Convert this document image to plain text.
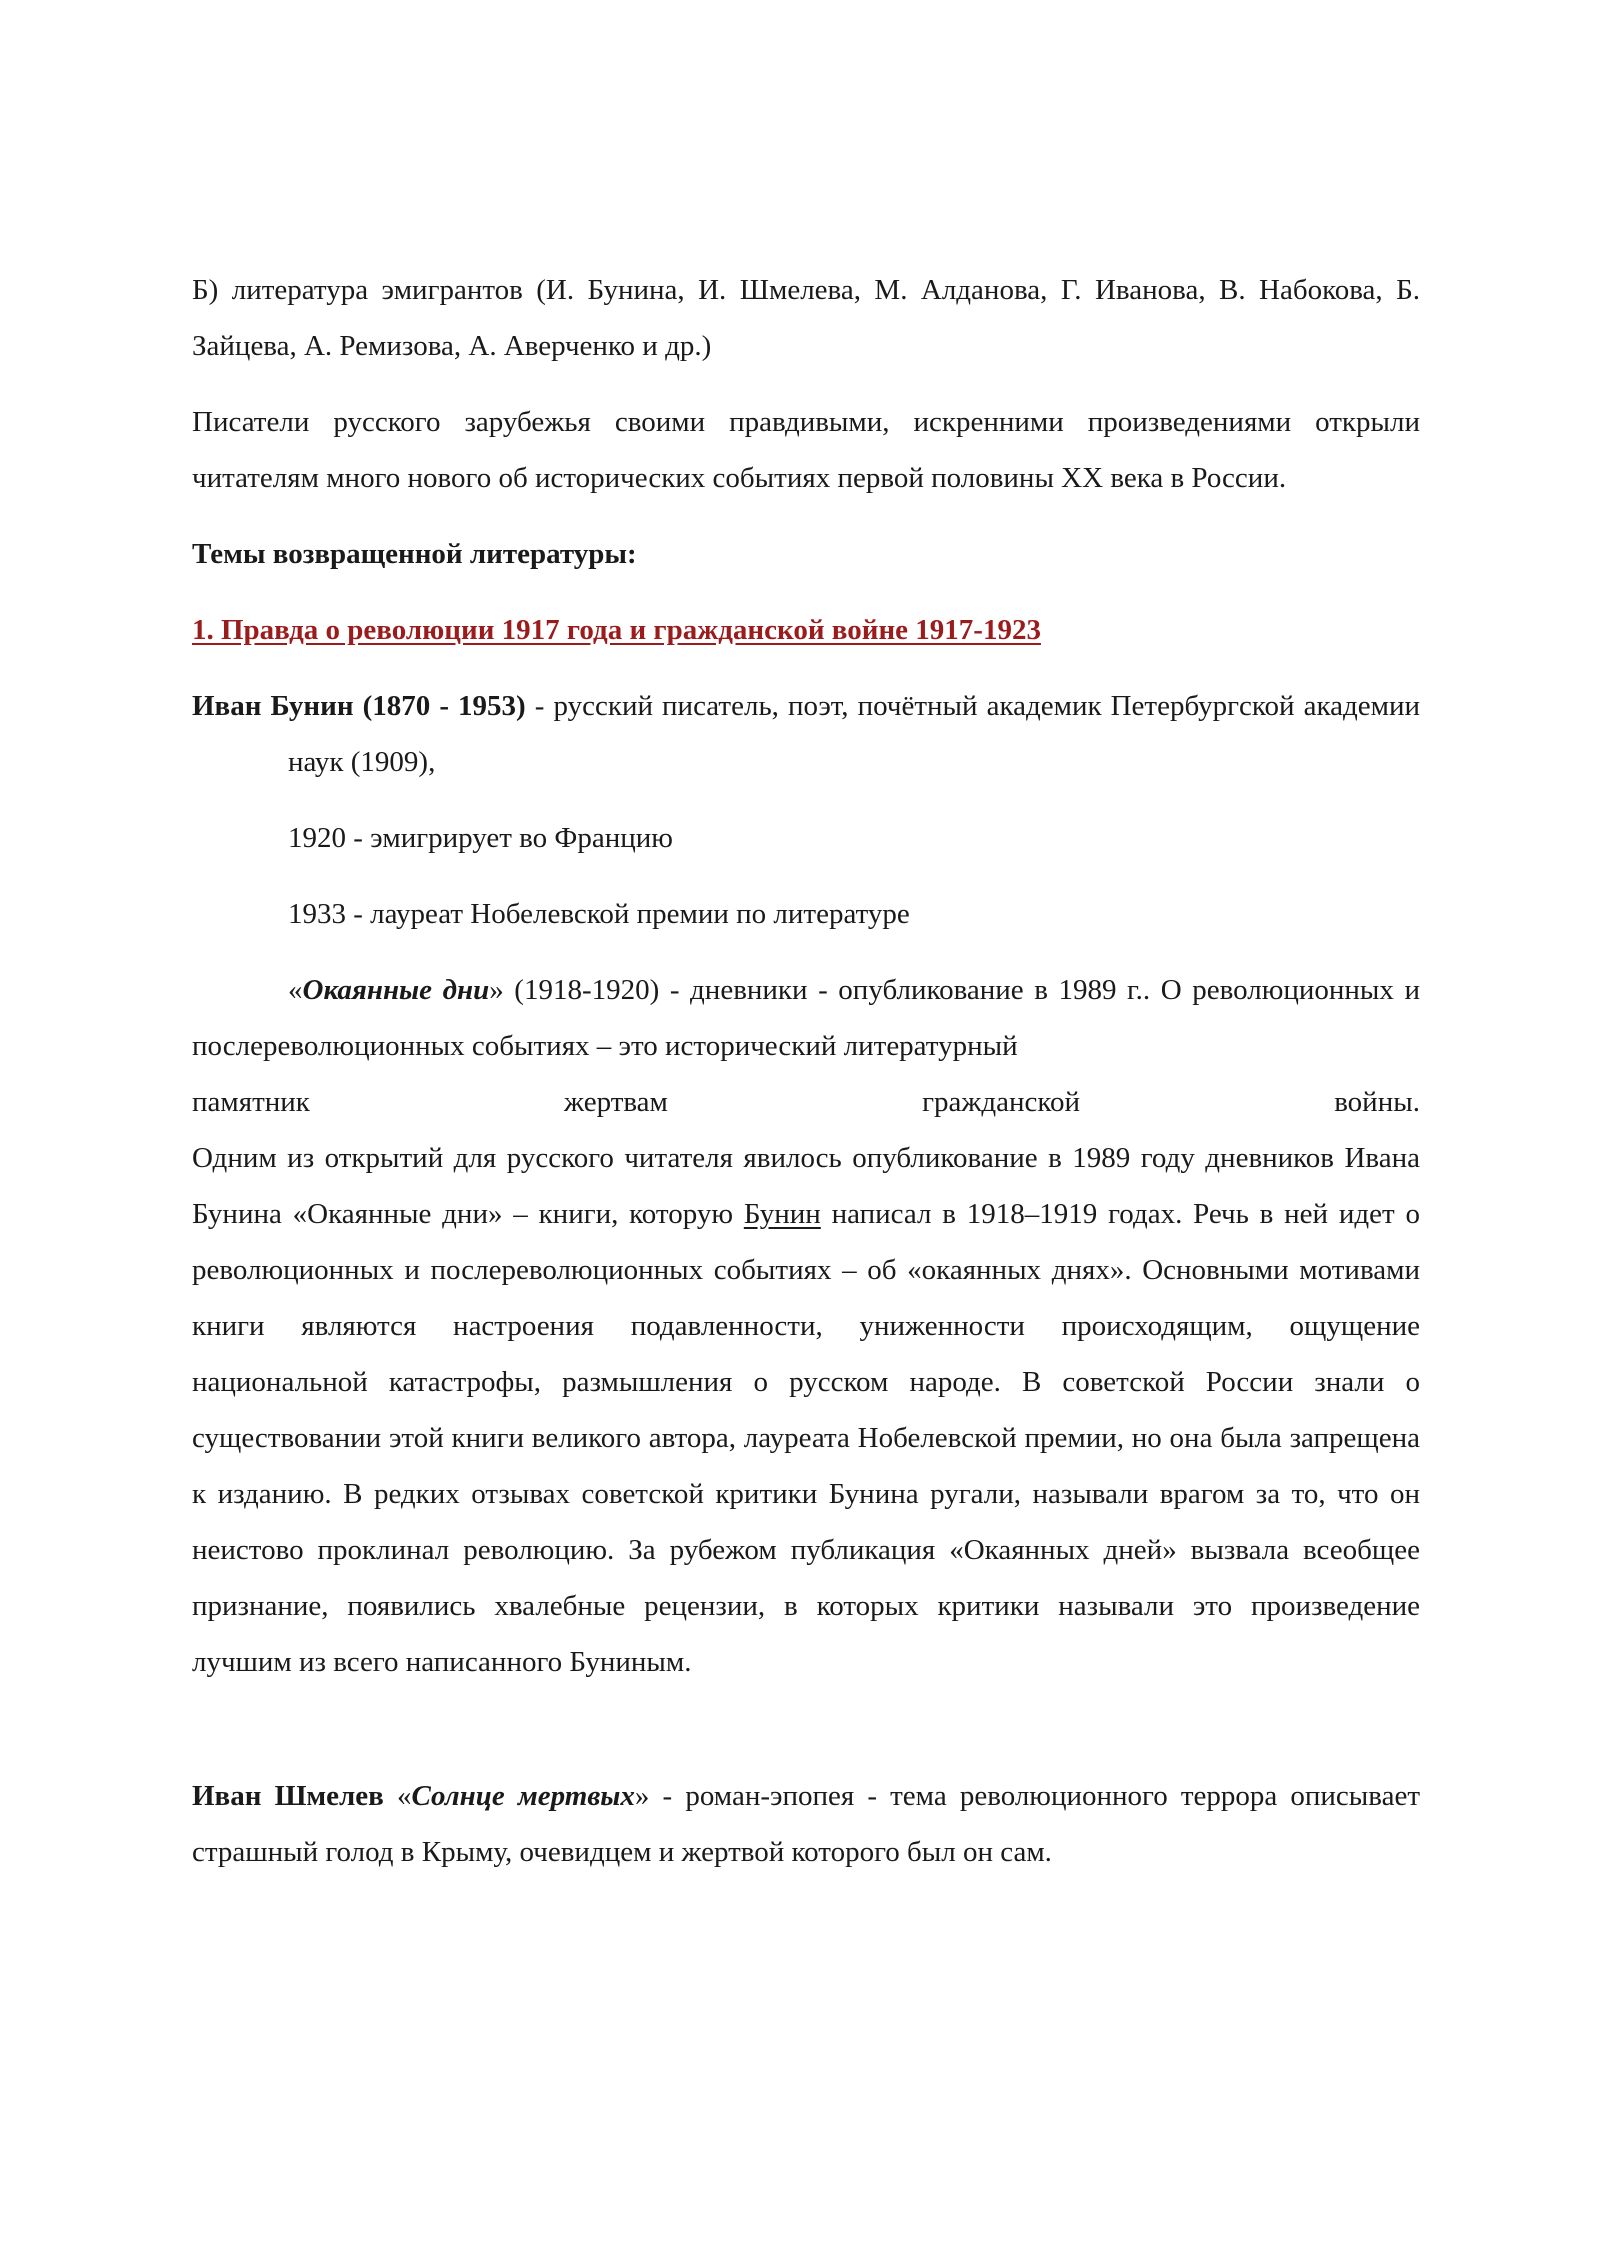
Б) литература эмигрантов (И. Бунина, И. Шмелева, М. Алданова, Г. Иванова, В. Набокова, Б. Зайцева, А. Ремизова, А. Аверченко и др.)

Писатели русского зарубежья своими правдивыми, искренними произведениями открыли читателям много нового об исторических событиях первой половины XX века в России.

Темы возвращенной литературы:

1. Правда о революции 1917 года и гражданской войне 1917-1923

Иван Бунин (1870 - 1953) - русский писатель, поэт, почётный академик Петербургской академии наук (1909),

1920 - эмигрирует во Францию

1933 - лауреат Нобелевской премии по литературе

«Окаянные дни» (1918-1920) - дневники - опубликование в 1989 г.. О революционных и послереволюционных событиях – это исторический литературный

памятник	жертвам	гражданской	войны.

Одним из открытий для русского читателя явилось опубликование в 1989 году дневников Ивана Бунина «Окаянные дни» – книги, которую Бунин написал в 1918–1919 годах. Речь в ней идет о революционных и послереволюционных событиях – об «окаянных днях». Основными мотивами книги являются настроения подавленности, униженности происходящим, ощущение национальной катастрофы, размышления о русском народе. В советской России знали о существовании этой книги великого автора, лауреата Нобелевской премии, но она была запрещена к изданию. В редких отзывах советской критики Бунина ругали, называли врагом за то, что он неистово проклинал революцию. За рубежом публикация «Окаянных дней» вызвала всеобщее признание, появились хвалебные рецензии, в которых критики называли это произведение лучшим из всего написанного Буниным.

Иван Шмелев «Солнце мертвых» - роман-эпопея - тема революционного террора описывает страшный голод в Крыму, очевидцем и жертвой которого был он сам.
